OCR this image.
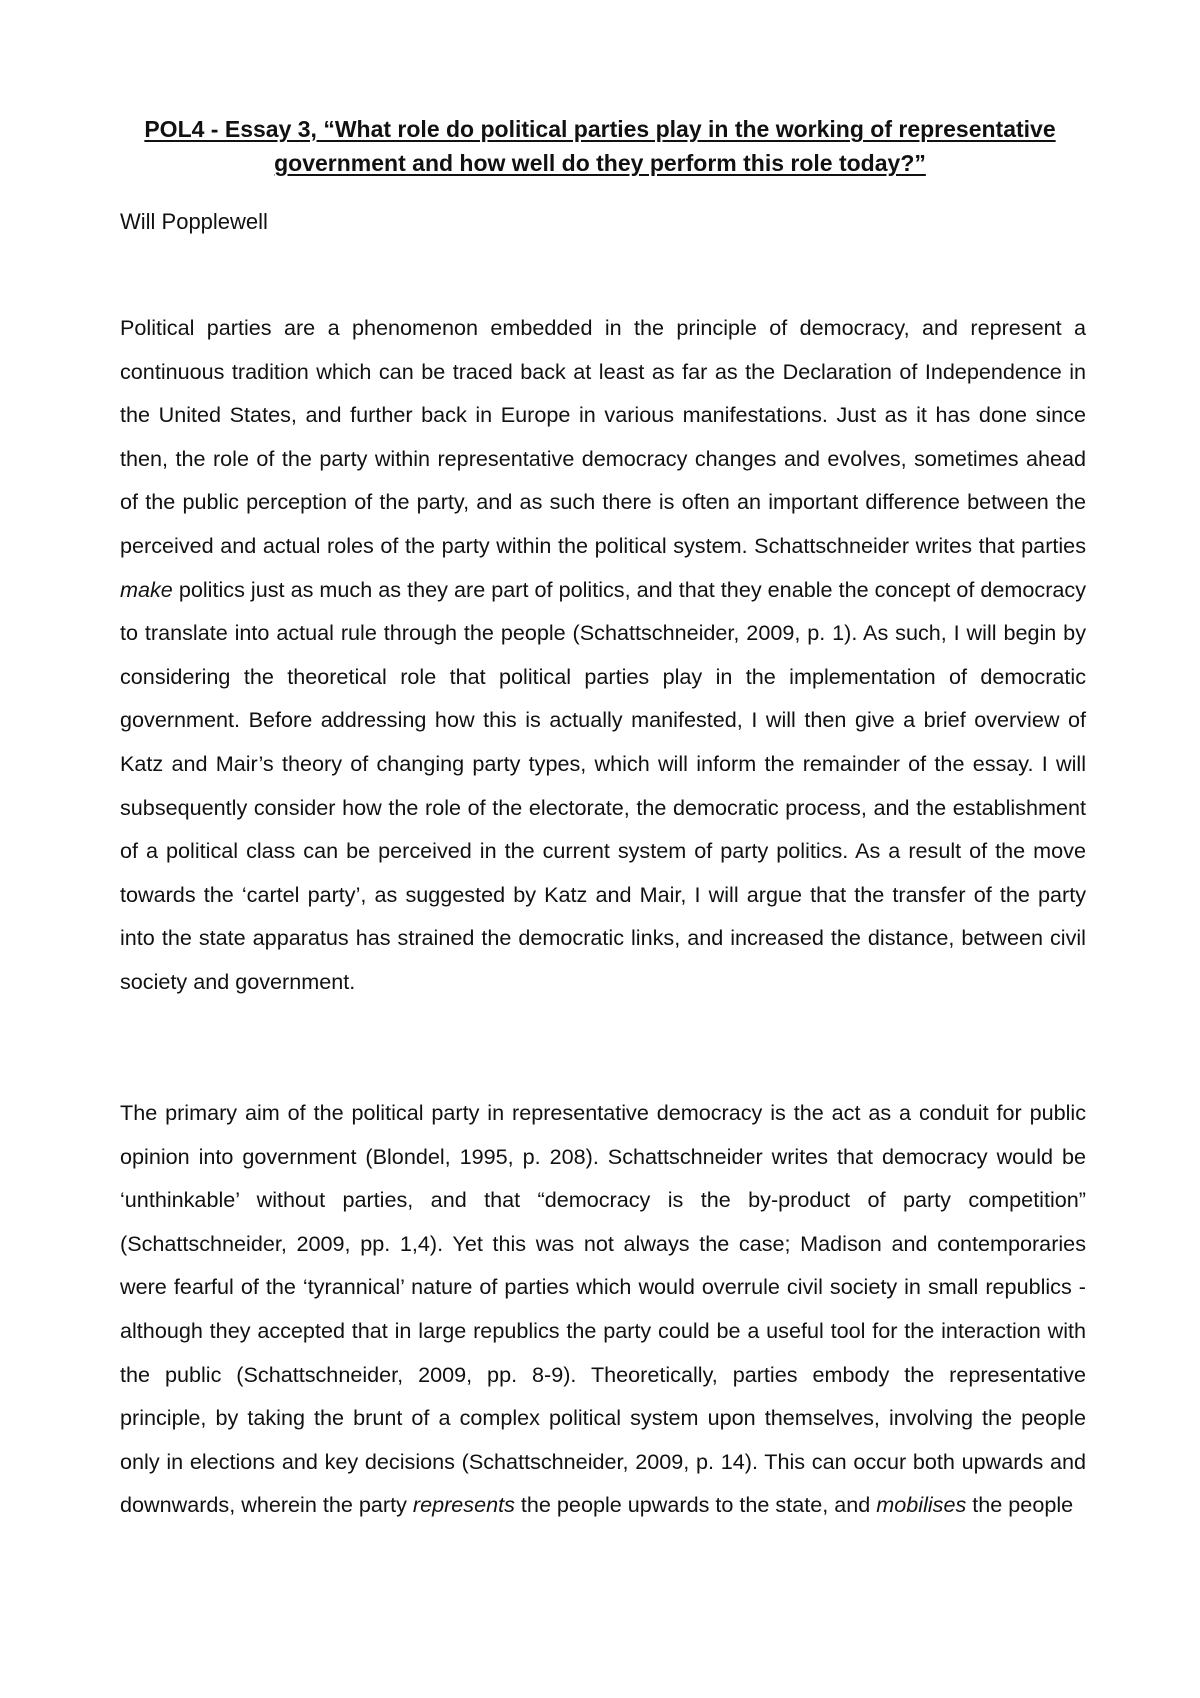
POL4 - Essay 3, “What role do political parties play in the working of representative government and how well do they perform this role today?”

Will Popplewell

Political parties are a phenomenon embedded in the principle of democracy, and represent a continuous tradition which can be traced back at least as far as the Declaration of Independence in the United States, and further back in Europe in various manifestations. Just as it has done since then, the role of the party within representative democracy changes and evolves, sometimes ahead of the public perception of the party, and as such there is often an important difference between the perceived and actual roles of the party within the political system. Schattschneider writes that parties make politics just as much as they are part of politics, and that they enable the concept of democracy to translate into actual rule through the people (Schattschneider, 2009, p. 1). As such, I will begin by considering the theoretical role that political parties play in the implementation of democratic government. Before addressing how this is actually manifested, I will then give a brief overview of Katz and Mair’s theory of changing party types, which will inform the remainder of the essay. I will subsequently consider how the role of the electorate, the democratic process, and the establishment of a political class can be perceived in the current system of party politics. As a result of the move towards the ‘cartel party’, as suggested by Katz and Mair, I will argue that the transfer of the party into the state apparatus has strained the democratic links, and increased the distance, between civil society and government.

The primary aim of the political party in representative democracy is the act as a conduit for public opinion into government (Blondel, 1995, p. 208). Schattschneider writes that democracy would be ‘unthinkable’ without parties, and that “democracy is the by-product of party competition” (Schattschneider, 2009, pp. 1,4). Yet this was not always the case; Madison and contemporaries were fearful of the ‘tyrannical’ nature of parties which would overrule civil society in small republics - although they accepted that in large republics the party could be a useful tool for the interaction with the public (Schattschneider, 2009, pp. 8-9). Theoretically, parties embody the representative principle, by taking the brunt of a complex political system upon themselves, involving the people only in elections and key decisions (Schattschneider, 2009, p. 14). This can occur both upwards and downwards, wherein the party represents the people upwards to the state, and mobilises the people
